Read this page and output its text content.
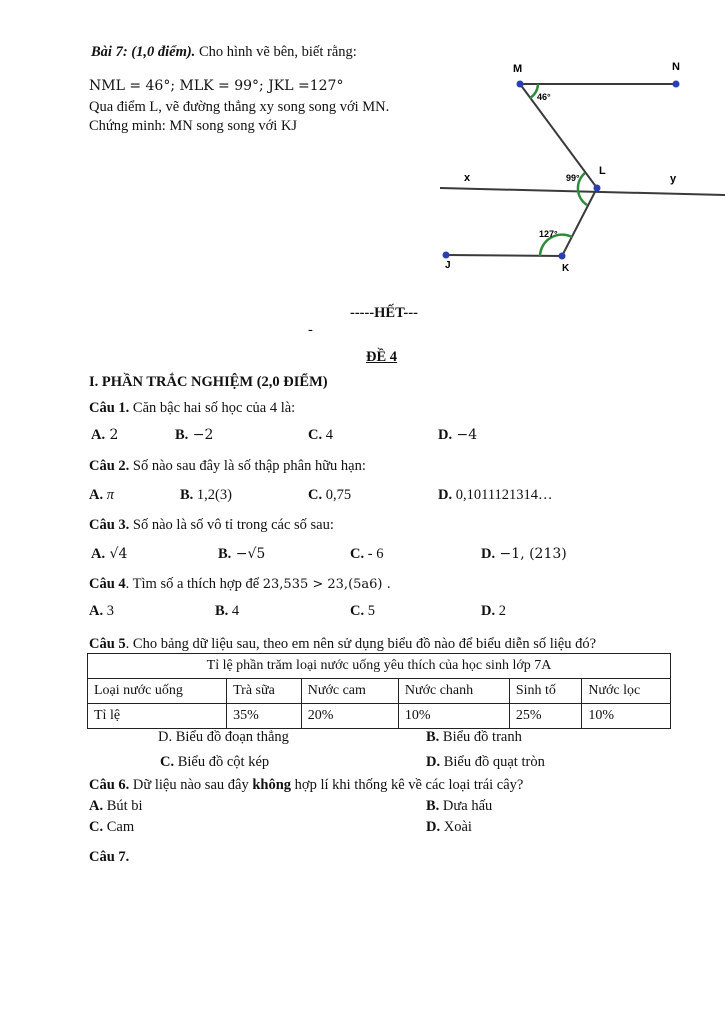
Bài 7: (1,0 điểm). Cho hình vẽ bên, biết rằng:
NML = 46°; MLK = 99°; JKL =127°
Qua điểm L, vẽ đường thẳng xy song song với MN.
Chứng minh: MN song song với KJ
M	N
L
K
J
x	y
46°
99°
127°
-----HẾT---
-
ĐỀ 4
I. PHẦN TRẮC NGHIỆM (2,0 ĐIỂM)
Câu 1. Căn bậc hai số học của 4 là:
A. 2	B. −2	C. 4	D. −4
Câu 2. Số nào sau đây là số thập phân hữu hạn:
A. π	B. 1,2(3)	C. 0,75	D. 0,1011121314…
Câu 3. Số nào là số vô tỉ trong các số sau:
A. √4	B. −√5	C. - 6	D. −1, (213)
Câu 4. Tìm số a thích hợp để 23,535 > 23,(5a6) .
A. 3	B. 4	C. 5	D. 2
Câu 5. Cho bảng dữ liệu sau, theo em nên sử dụng biểu đồ nào để biểu diễn số liệu đó?
Tỉ lệ phần trăm loại nước uống yêu thích của học sinh lớp 7A					
Loại nước uống	Trà sữa	Nước cam	Nước chanh	Sinh tố	Nước lọc
Tỉ lệ	35%	20%	10%	25%	10%
D. Biểu đồ đoạn thẳng	B. Biểu đồ tranh
C. Biểu đồ cột kép	D. Biểu đồ quạt tròn
Câu 6. Dữ liệu nào sau đây không hợp lí khi thống kê về các loại trái cây?
A. Bút bi	B. Dưa hấu
C. Cam	D. Xoài
Câu 7.
